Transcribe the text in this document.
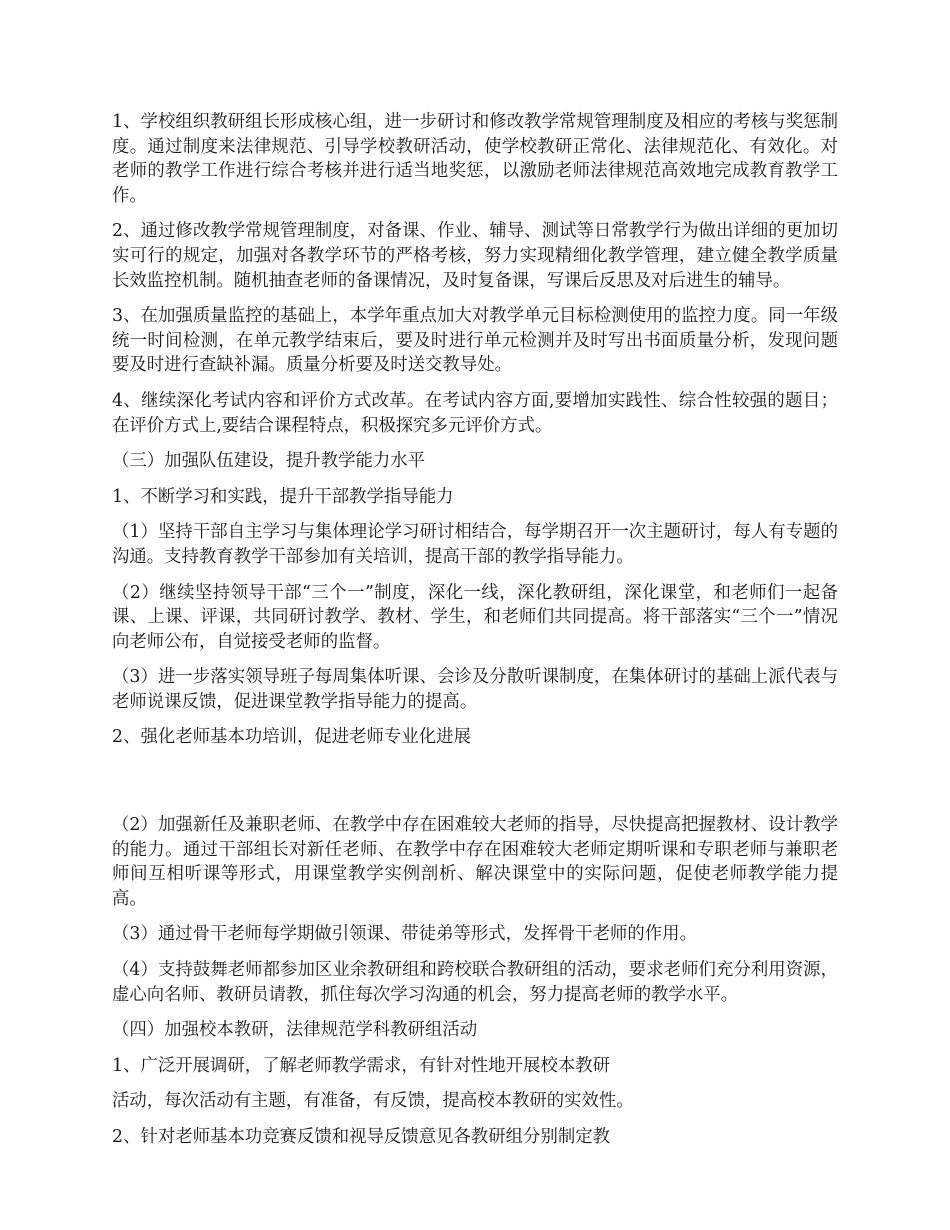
1、学校组织教研组长形成核心组，进一步研讨和修改教学常规管理制度及相应的考核与奖惩制度。通过制度来法律规范、引导学校教研活动，使学校教研正常化、法律规范化、有效化。对老师的教学工作进行综合考核并进行适当地奖惩，以激励老师法律规范高效地完成教育教学工作。

2、通过修改教学常规管理制度，对备课、作业、辅导、测试等日常教学行为做出详细的更加切实可行的规定，加强对各教学环节的严格考核，努力实现精细化教学管理，建立健全教学质量长效监控机制。随机抽查老师的备课情况，及时复备课，写课后反思及对后进生的辅导。

3、在加强质量监控的基础上，本学年重点加大对教学单元目标检测使用的监控力度。同一年级统一时间检测，在单元教学结束后，要及时进行单元检测并及时写出书面质量分析，发现问题要及时进行查缺补漏。质量分析要及时送交教导处。

4、继续深化考试内容和评价方式改革。在考试内容方面,要增加实践性、综合性较强的题目；在评价方式上,要结合课程特点，积极探究多元评价方式。

（三）加强队伍建设，提升教学能力水平

1、不断学习和实践，提升干部教学指导能力

（1）坚持干部自主学习与集体理论学习研讨相结合，每学期召开一次主题研讨，每人有专题的沟通。支持教育教学干部参加有关培训，提高干部的教学指导能力。

（2）继续坚持领导干部“三个一”制度，深化一线，深化教研组，深化课堂，和老师们一起备课、上课、评课，共同研讨教学、教材、学生，和老师们共同提高。将干部落实“三个一”情况向老师公布，自觉接受老师的监督。

（3）进一步落实领导班子每周集体听课、会诊及分散听课制度，在集体研讨的基础上派代表与老师说课反馈，促进课堂教学指导能力的提高。

2、强化老师基本功培训，促进老师专业化进展

（2）加强新任及兼职老师、在教学中存在困难较大老师的指导，尽快提高把握教材、设计教学的能力。通过干部组长对新任老师、在教学中存在困难较大老师定期听课和专职老师与兼职老师间互相听课等形式，用课堂教学实例剖析、解决课堂中的实际问题，促使老师教学能力提高。

（3）通过骨干老师每学期做引领课、带徒弟等形式，发挥骨干老师的作用。

（4）支持鼓舞老师都参加区业余教研组和跨校联合教研组的活动，要求老师们充分利用资源，虚心向名师、教研员请教，抓住每次学习沟通的机会，努力提高老师的教学水平。

（四）加强校本教研，法律规范学科教研组活动

1、广泛开展调研，了解老师教学需求，有针对性地开展校本教研

活动，每次活动有主题，有准备，有反馈，提高校本教研的实效性。

2、针对老师基本功竞赛反馈和视导反馈意见各教研组分别制定教
